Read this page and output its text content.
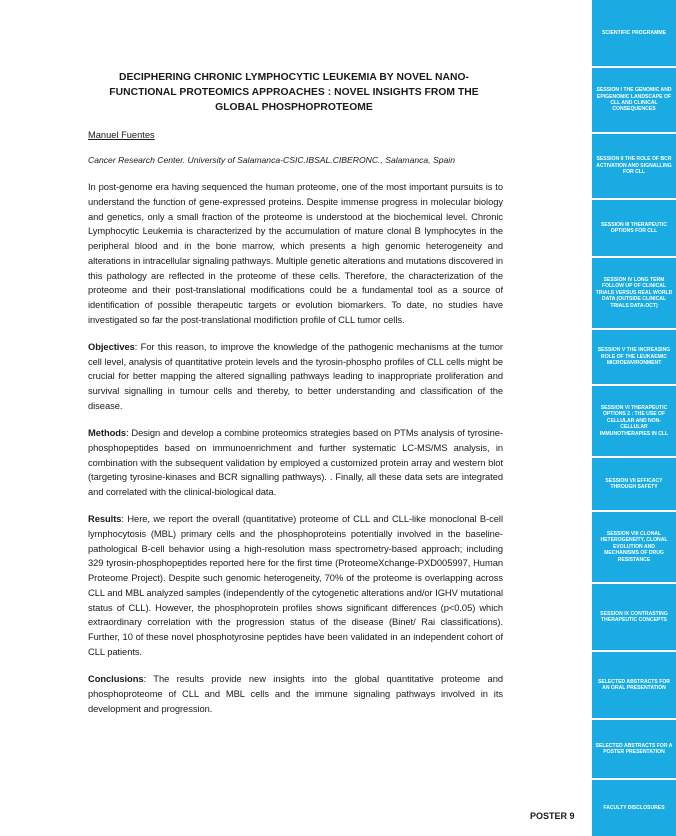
DECIPHERING CHRONIC LYMPHOCYTIC LEUKEMIA BY NOVEL NANO-FUNCTIONAL PROTEOMICS APPROACHES : NOVEL INSIGHTS FROM THE GLOBAL PHOSPHOPROTEOME
Manuel Fuentes
Cancer Research Center. University of Salamanca-CSIC.IBSAL.CIBERONC., Salamanca, Spain

In post-genome era having sequenced the human proteome, one of the most important pursuits is to understand the function of gene-expressed proteins. Despite immense progress in molecular biology and genetics, only a small fraction of the proteome is understood at the biochemical level. Chronic Lymphocytic Leukemia is characterized by the accumulation of mature clonal B lymphocytes in the peripheral blood and in the bone marrow, which presents a high genomic heterogeneity and alterations in intracellular signaling pathways. Multiple genetic alterations and mutations discovered in this pathology are reflected in the proteome of these cells. Therefore, the characterization of the proteome and their post-translational modifications could be a fundamental tool as a source of identification of possible therapeutic targets or evolution biomarkers. To date, no studies have investigated so far the post-translational modifiction profile of CLL tumor cells.

Objectives: For this reason, to improve the knowledge of the pathogenic mechanisms at the tumor cell level, analysis of quantitative protein levels and the tyrosin-phospho profiles of CLL cells might be crucial for better mapping the altered signalling pathways leading to inappropriate proliferation and survival signalling in tumour cells and thereby, to better understanding and classification of the disease.

Methods: Design and develop a combine proteomics strategies based on PTMs analysis of tyrosine-phosphopeptides based on immunoenrichment and further systematic LC-MS/MS analysis, in combination with the subsequent validation by employed a customized protein array and western blot (targeting tyrosine-kinases and BCR signalling pathways). . Finally, all these data sets are integrated and correlated with the clinical-biological data.

Results: Here, we report the overall (quantitative) proteome of CLL and CLL-like monoclonal B-cell lymphocytosis (MBL) primary cells and the phosphoproteins potentially involved in the baseline-pathological B-cell behavior using a high-resolution mass spectrometry-based approach; including 329 tyrosin-phosphopeptides reported here for the first time (ProteomeXchange-PXD005997, Human Proteome Project). Despite such genomic heterogeneity, 70% of the proteome is overlapping across CLL and MBL analyzed samples (independently of the cytogenetic alterations and/or IGHV mutational status of CLL). However, the phosphoprotein profiles shows significant differences (p<0.05) which extraordinary correlation with the progression status of the disease (Binet/ Rai classifications). Further, 10 of these novel phosphotyrosine peptides have been validated in an independent cohort of CLL patients.

Conclusions: The results provide new insights into the global quantitative proteome and phosphoproteome of CLL and MBL cells and the immune signaling pathways involved in its development and progression.

POSTER 9
SCIENTIFIC PROGRAMME
SESSION I THE GENOMIC AND EPIGENOMIC LANDSCAPE OF CLL AND CLINICAL CONSEQUENCES
SESSION II THE ROLE OF BCR ACTIVATION AND SIGNALLING FOR CLL
SESSION III THERAPEUTIC OPTIONS FOR CLL
SESSION IV LONG TERM FOLLOW UP OF CLINICAL TRIALS VERSUS REAL WORLD DATA (OUTSIDE CLINICAL TRIALS DATA-OCT)
SESSION V THE INCREASING ROLE OF THE LEUKAEMIC MICROENVIRONMENT
SESSION VI THERAPEUTIC OPTIONS 2 : THE USE OF CELLULAR AND NON-CELLULAR IMMUNOTHERAPIES IN CLL
SESSION VII EFFICACY THROUGH SAFETY
SESSION VIII CLONAL HETEROGENEITY, CLONAL EVOLUTION AND MECHANISMS OF DRUG RESISTANCE
SESSION IX CONTRASTING THERAPEUTIC CONCEPTS
SELECTED ABSTRACTS FOR AN ORAL PRESENTATION
SELECTED ABSTRACTS FOR A POSTER PRESENTATION
FACULTY DISCLOSURES
